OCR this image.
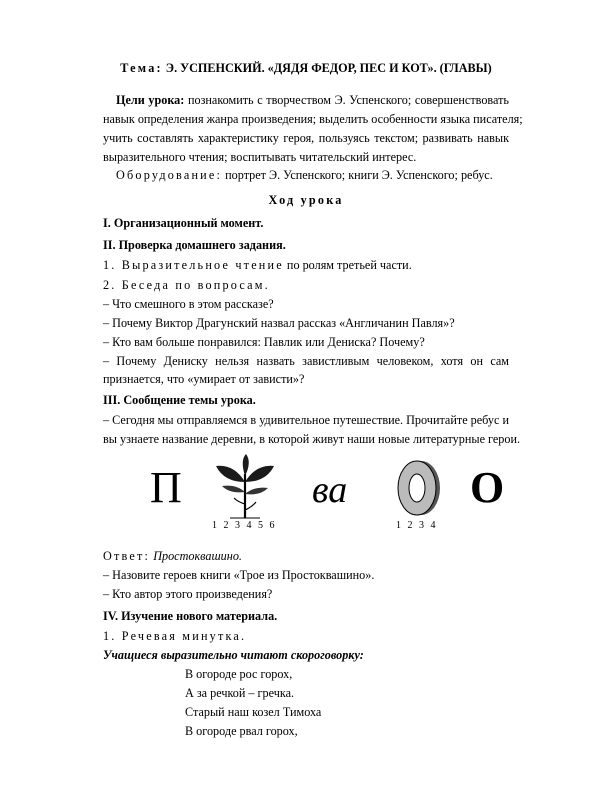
Тема: Э. УСПЕНСКИЙ. «ДЯДЯ ФЕДОР, ПЕС И КОТ». (ГЛАВЫ)
Цели урока: познакомить с творчеством Э. Успенского; совершенствовать
навык определения жанра произведения; выделить особенности языка писателя;
учить составлять характеристику героя, пользуясь текстом; развивать навык
выразительного чтения; воспитывать читательский интерес.
Оборудование: портрет Э. Успенского; книги Э. Успенского; ребус.
Ход урока
I. Организационный момент.
II. Проверка домашнего задания.
1. Выразительное чтение по ролям третьей части.
2. Беседа по вопросам.
– Что смешного в этом рассказе?
– Почему Виктор Драгунский назвал рассказ «Англичанин Павля»?
– Кто вам больше понравился: Павлик или Дениска? Почему?
– Почему Дениску нельзя назвать завистливым человеком, хотя он сам
признается, что «умирает от зависти»?
III. Сообщение темы урока.
– Сегодня мы отправляемся в удивительное путешествие. Прочитайте ребус и
вы узнаете название деревни, в которой живут наши новые литературные герои.
П
1 2 3 4 5 6
ва
1 2 3 4
О
Ответ: Простоквашино.
– Назовите героев книги «Трое из Простоквашино».
– Кто автор этого произведения?
IV. Изучение нового материала.
1. Речевая минутка.
Учащиеся выразительно читают скороговорку:
В огороде рос горох,
А за речкой – гречка.
Старый наш козел Тимоха
В огороде рвал горох,
